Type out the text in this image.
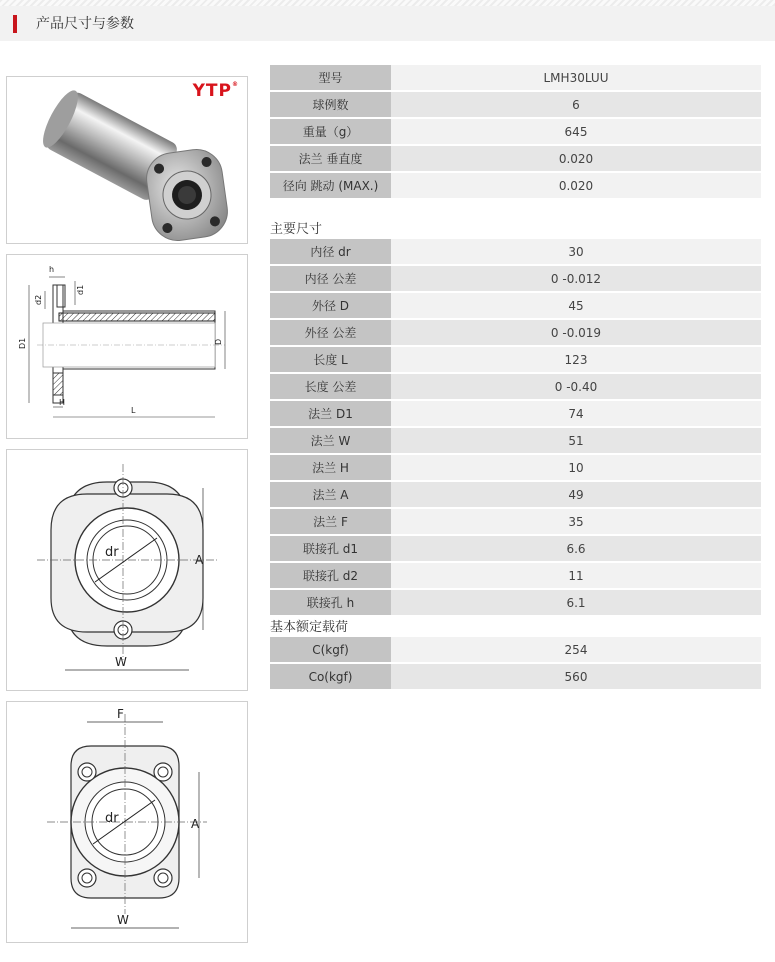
产品尺寸与参数
YTP®
h
d2
d1
D1	D
H
L
dr	A
W
dr
F
A
W
型号	LMH30LUU
球例数	6
重量（g）	645
法兰 垂直度	0.020
径向 跳动 (MAX.)	0.020
主要尺寸
内径 dr	30
内径 公差	0 -0.012
外径 D	45
外径 公差	0 -0.019
长度 L	123
长度 公差	0 -0.40
法兰 D1	74
法兰 W	51
法兰 H	10
法兰 A	49
法兰 F	35
联接孔 d1	6.6
联接孔 d2	11
联接孔 h	6.1
基本额定载荷
C(kgf)	254
Co(kgf)	560
